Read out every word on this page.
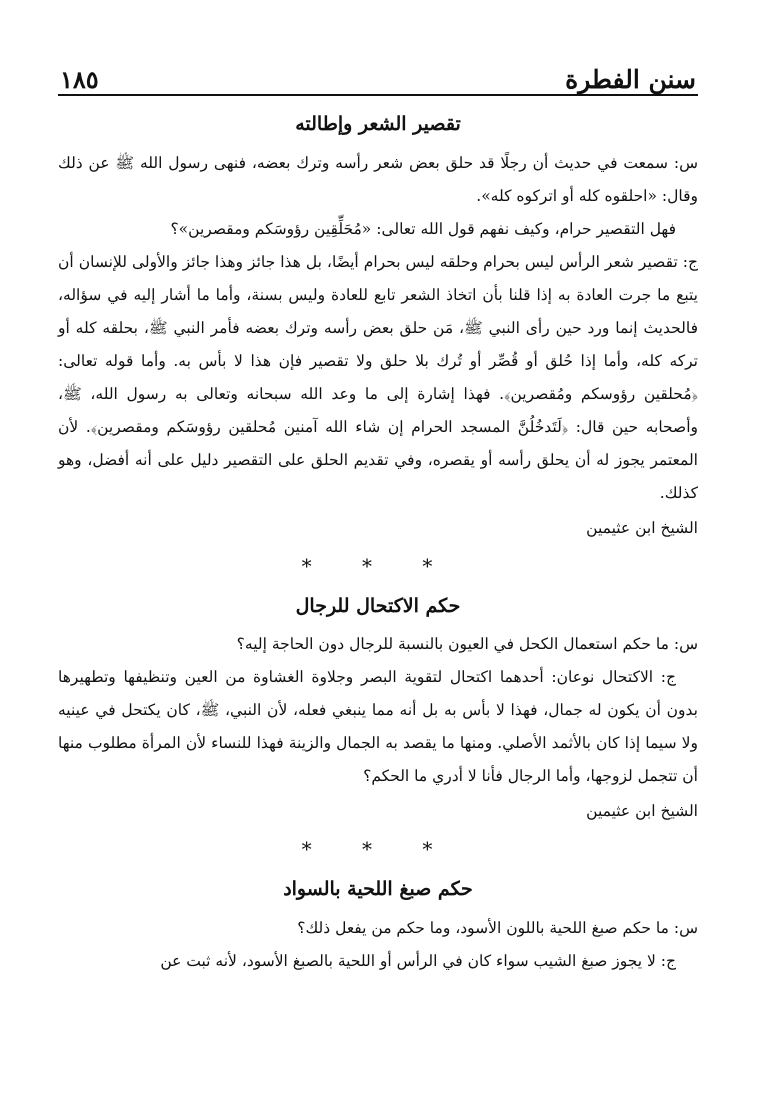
سنن الفطرة
١٨٥
تقصير الشعر وإطالته

س: سمعت في حديث أن رجلًا قد حلق بعض شعر رأسه وترك بعضه، فنهى رسول الله ﷺ عن ذلك وقال: «احلقوه كله أو اتركوه كله».

فهل التقصير حرام، وكيف نفهم قول الله تعالى: «مُحَلِّقِين رؤوسَكم ومقصرين»؟

ج: تقصير شعر الرأس ليس بحرام وحلقه ليس بحرام أيضًا، بل هذا جائز وهذا جائز والأولى للإنسان أن يتبع ما جرت العادة به إذا قلنا بأن اتخاذ الشعر تابع للعادة وليس بسنة، وأما ما أشار إليه في سؤاله، فالحديث إنما ورد حين رأى النبي ﷺ، مَن حلق بعض رأسه وترك بعضه فأمر النبي ﷺ، بحلقه كله أو تركه كله، وأما إذا حُلق أو قُصِّر أو تُرك بلا حلق ولا تقصير فإن هذا لا بأس به. وأما قوله تعالى: ﴿مُحلقين رؤوسكم ومُقصرين﴾. فهذا إشارة إلى ما وعد الله سبحانه وتعالى به رسول الله، ﷺ، وأصحابه حين قال: ﴿لَتَدخُلُنَّ المسجد الحرام إن شاء الله آمنين مُحلقين رؤوسَكم ومقصرين﴾. لأن المعتمر يجوز له أن يحلق رأسه أو يقصره، وفي تقديم الحلق على التقصير دليل على أنه أفضل، وهو كذلك.

الشيخ ابن عثيمين
* * *
حكم الاكتحال للرجال

س: ما حكم استعمال الكحل في العيون بالنسبة للرجال دون الحاجة إليه؟

ج: الاكتحال نوعان: أحدهما اكتحال لتقوية البصر وجلاوة الغشاوة من العين وتنظيفها وتطهيرها بدون أن يكون له جمال، فهذا لا بأس به بل أنه مما ينبغي فعله، لأن النبي، ﷺ، كان يكتحل في عينيه ولا سيما إذا كان بالأثمد الأصلي. ومنها ما يقصد به الجمال والزينة فهذا للنساء لأن المرأة مطلوب منها أن تتجمل لزوجها، وأما الرجال فأنا لا أدري ما الحكم؟

الشيخ ابن عثيمين
* * *
حكم صبغ اللحية بالسواد

س: ما حكم صبغ اللحية باللون الأسود، وما حكم من يفعل ذلك؟

ج: لا يجوز صبغ الشيب سواء كان في الرأس أو اللحية بالصبغ الأسود، لأنه ثبت عن
